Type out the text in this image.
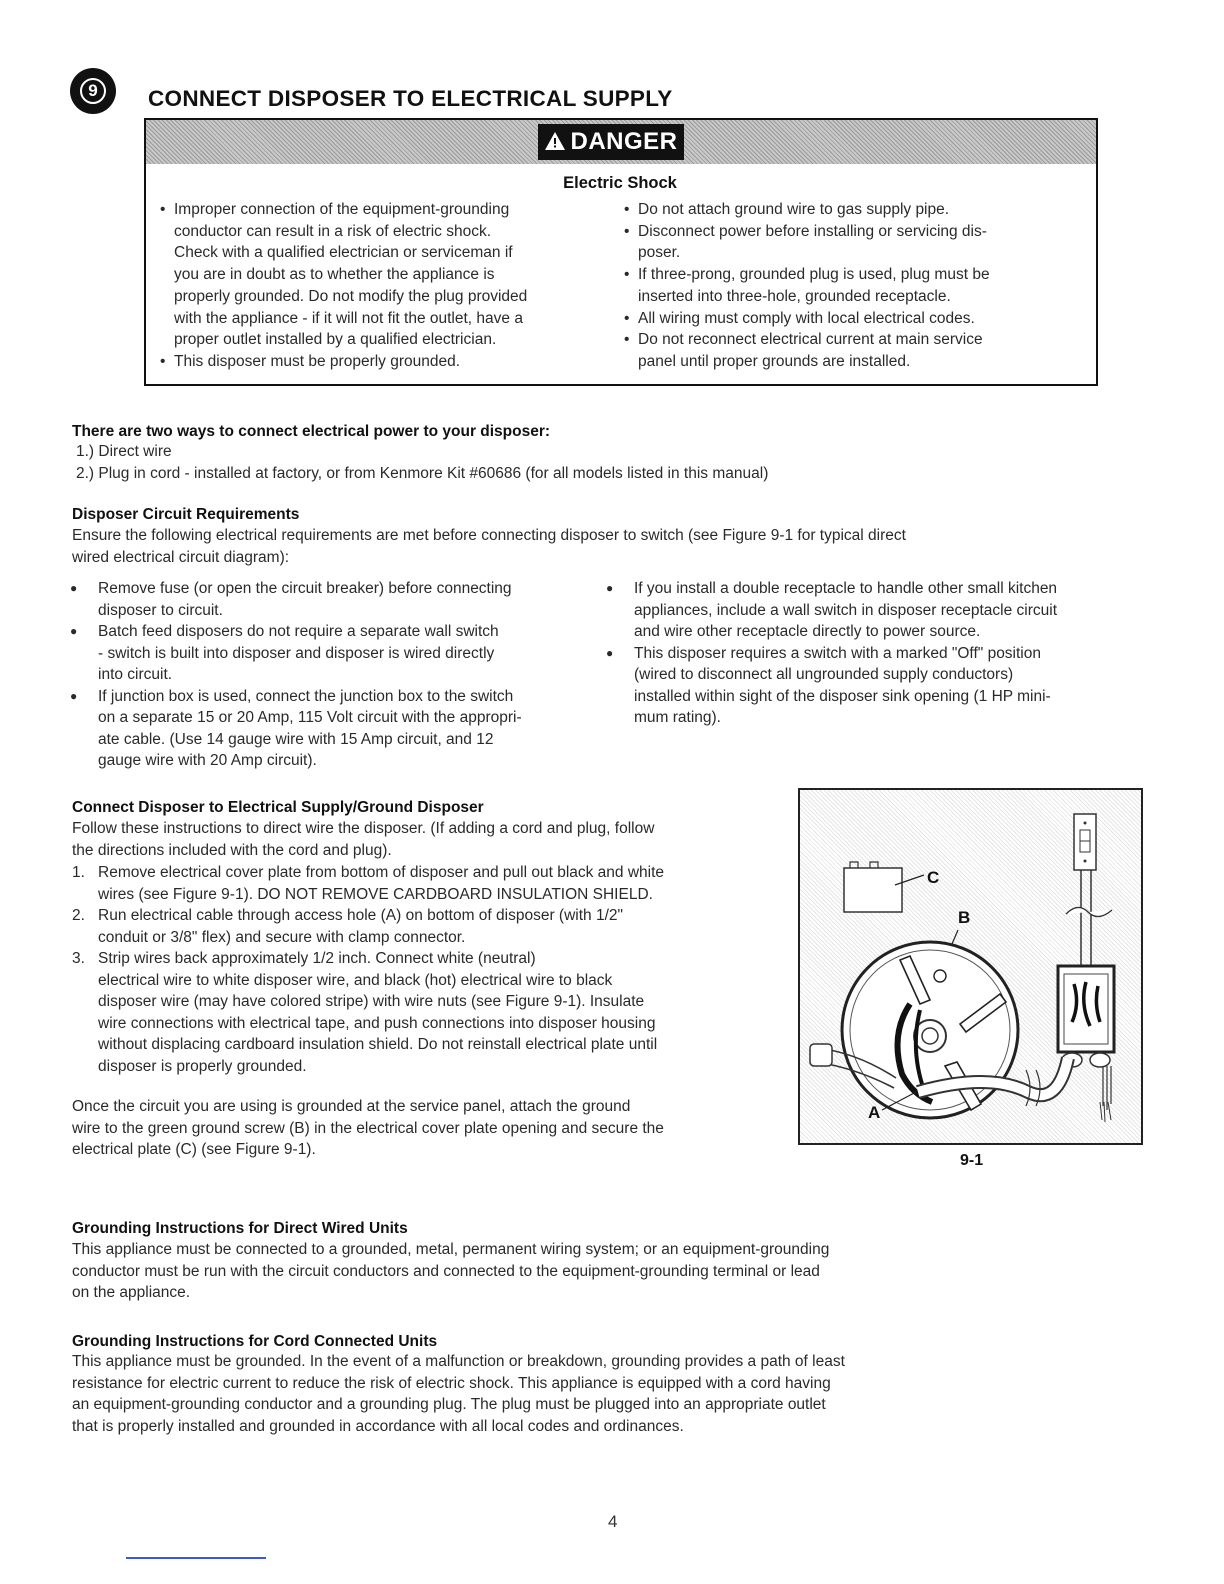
9	CONNECT DISPOSER TO ELECTRICAL SUPPLY
DANGER
Electric Shock
• Improper connection of the equipment-grounding
conductor can result in a risk of electric shock.
Check with a qualified electrician or serviceman if
you are in doubt as to whether the appliance is
properly grounded. Do not modify the plug provided
with the appliance - if it will not fit the outlet, have a
proper outlet installed by a qualified electrician.
• This disposer must be properly grounded.
• Do not attach ground wire to gas supply pipe.
• Disconnect power before installing or servicing dis-
poser.
• If three-prong, grounded plug is used, plug must be
inserted into three-hole, grounded receptacle.
• All wiring must comply with local electrical codes.
• Do not reconnect electrical current at main service
panel until proper grounds are installed.
There are two ways to connect electrical power to your disposer:
1.) Direct wire
2.) Plug in cord - installed at factory, or from Kenmore Kit #60686 (for all models listed in this manual)
Disposer Circuit Requirements
Ensure the following electrical requirements are met before connecting disposer to switch (see Figure 9-1 for typical direct
wired electrical circuit diagram):
● Remove fuse (or open the circuit breaker) before connecting
disposer to circuit.
● Batch feed disposers do not require a separate wall switch
- switch is built into disposer and disposer is wired directly
into circuit.
● If junction box is used, connect the junction box to the switch
on a separate 15 or 20 Amp, 115 Volt circuit with the appropri-
ate cable. (Use 14 gauge wire with 15 Amp circuit, and 12
gauge wire with 20 Amp circuit).
● If you install a double receptacle to handle other small kitchen
appliances, include a wall switch in disposer receptacle circuit
and wire other receptacle directly to power source.
● This disposer requires a switch with a marked "Off" position
(wired to disconnect all ungrounded supply conductors)
installed within sight of the disposer sink opening (1 HP mini-
mum rating).
Connect Disposer to Electrical Supply/Ground Disposer
Follow these instructions to direct wire the disposer. (If adding a cord and plug, follow
the directions included with the cord and plug).
1. Remove electrical cover plate from bottom of disposer and pull out black and white
wires (see Figure 9-1). DO NOT REMOVE CARDBOARD INSULATION SHIELD.
2. Run electrical cable through access hole (A) on bottom of disposer (with 1/2"
conduit or 3/8" flex) and secure with clamp connector.
3. Strip wires back approximately 1/2 inch. Connect white (neutral)
electrical wire to white disposer wire, and black (hot) electrical wire to black
disposer wire (may have colored stripe) with wire nuts (see Figure 9-1). Insulate
wire connections with electrical tape, and push connections into disposer housing
without displacing cardboard insulation shield. Do not reinstall electrical plate until
disposer is properly grounded.
Once the circuit you are using is grounded at the service panel, attach the ground
wire to the green ground screw (B) in the electrical cover plate opening and secure the
electrical plate (C) (see Figure 9-1).
C
B
A
9-1
Grounding Instructions for Direct Wired Units
This appliance must be connected to a grounded, metal, permanent wiring system; or an equipment-grounding
conductor must be run with the circuit conductors and connected to the equipment-grounding terminal or lead
on the appliance.
Grounding Instructions for Cord Connected Units
This appliance must be grounded. In the event of a malfunction or breakdown, grounding provides a path of least
resistance for electric current to reduce the risk of electric shock. This appliance is equipped with a cord having
an equipment-grounding conductor and a grounding plug. The plug must be plugged into an appropriate outlet
that is properly installed and grounded in accordance with all local codes and ordinances.
4
